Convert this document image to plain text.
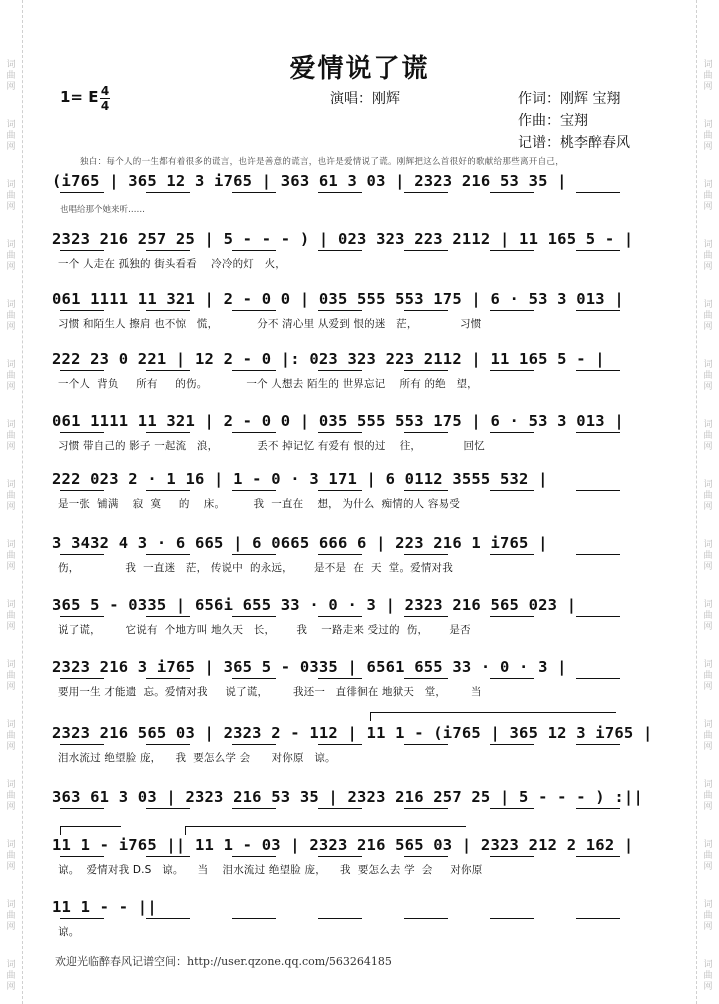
词曲网
词曲网
词曲网
词曲网
词曲网
词曲网
词曲网
词曲网
词曲网
词曲网
词曲网
词曲网
词曲网
词曲网
词曲网
词曲网
词曲网
词曲网
词曲网
词曲网
词曲网
词曲网
词曲网
词曲网
词曲网
词曲网
词曲网
词曲网
词曲网
词曲网
词曲网
词曲网
爱情说了谎
1= E 4
4	演唱：刚辉	作词：刚辉 宝翔
作曲：宝翔
记谱：桃李醉春风
独白：每个人的一生都有着很多的谎言，也许是善意的谎言，也许是爱情说了谎。刚辉把这么首很好的歌献给那些离开自己，
也唱给那个她来听……
(i765 | 365 12 3 i765 | 363 61 3 03 | 2323 216 53 35 |
2323 216 257 25 | 5 - - - ) | 023 323 223 2112 | 11 165 5 - |
一个 人走在 孤独的 街头看看    冷冷的灯   火，
061 1111 11 321 | 2 - 0 0 | 035 555 553 175 | 6 · 53 3 013 |
习惯 和陌生人 擦肩 也不惊   慌，           分不 清心里 从爱到 恨的迷   茫，            习惯
222 23 0 221 | 12 2 - 0 |: 023 323 223 2112 | 11 165 5 - |
一个人  背负     所有     的伤。           一个 人想去 陌生的 世界忘记    所有 的绝   望，
061 1111 11 321 | 2 - 0 0 | 035 555 553 175 | 6 · 53 3 013 |
习惯 带自己的 影子 一起流   浪，           丢不 掉记忆 有爱有 恨的过    往，            回忆
222 023 2 · 1 16 | 1 - 0 · 3 171 | 6 0112 3555 532 |
是一张  铺满    寂  寞     的    床。        我  一直在    想， 为什么  痴情的人 容易受
3 3432 4 3 · 6 665 | 6 0665 666 6 | 223 216 1 i765 |
伤，             我  一直迷   茫， 传说中  的永远，      是不是  在  天  堂。爱情对我
365 5 - 0335 | 656i 655 33 · 0 · 3 | 2323 216 565 023 |
说了谎，       它说有  个地方叫 地久天   长，      我    一路走来 受过的  伤，      是否
2323 216 3 i765 | 365 5 - 0335 | 6561 655 33 · 0 · 3 |
要用一生 才能遗  忘。爱情对我     说了谎，       我还一   直徘徊在 地狱天   堂，       当
2323 216 565 03 | 2323 2 - 112 | 11 1 - (i765 | 365 12 3 i765 |
泪水流过 绝望脸 庞，    我  要怎么学 会      对你原   谅。
363 61 3 03 | 2323 216 53 35 | 2323 216 257 25 | 5 - - - ) :||
11 1 - i765 || 11 1 - 03 | 2323 216 565 03 | 2323 212 2 162 |
谅。  爱情对我 D.S   谅。    当    泪水流过 绝望脸 庞，    我  要怎么去 学  会     对你原
11 1 - - ||
谅。
欢迎光临醉春风记谱空间：http://user.qzone.qq.com/563264185
